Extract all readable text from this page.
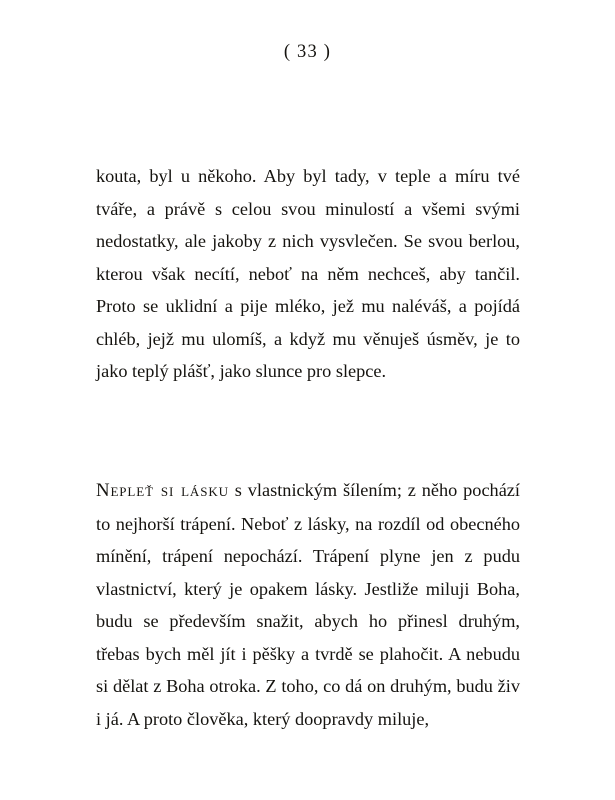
( 33 )
kouta, byl u někoho. Aby byl tady, v teple a míru tvé tváře, a právě s celou svou minulostí a všemi svými nedostatky, ale jakoby z nich vysvlečen. Se svou berlou, kterou však necítí, neboť na něm nechceš, aby tančil. Proto se uklidní a pije mléko, jež mu naléváš, a pojídá chléb, jejž mu ulomíš, a když mu věnuješ úsměv, je to jako teplý plášť, jako slunce pro slepce.
Nepleť si lásku s vlastnickým šílením; z něho pochází to nejhorší trápení. Neboť z lásky, na rozdíl od obecného mínění, trápení nepochází. Trápení plyne jen z pudu vlastnictví, který je opakem lásky. Jestliže miluji Boha, budu se především snažit, abych ho přinesl druhým, třebas bych měl jít i pěšky a tvrdě se plahočit. A nebudu si dělat z Boha otroka. Z toho, co dá on druhým, budu živ i já. A proto člověka, který doopravdy miluje,
